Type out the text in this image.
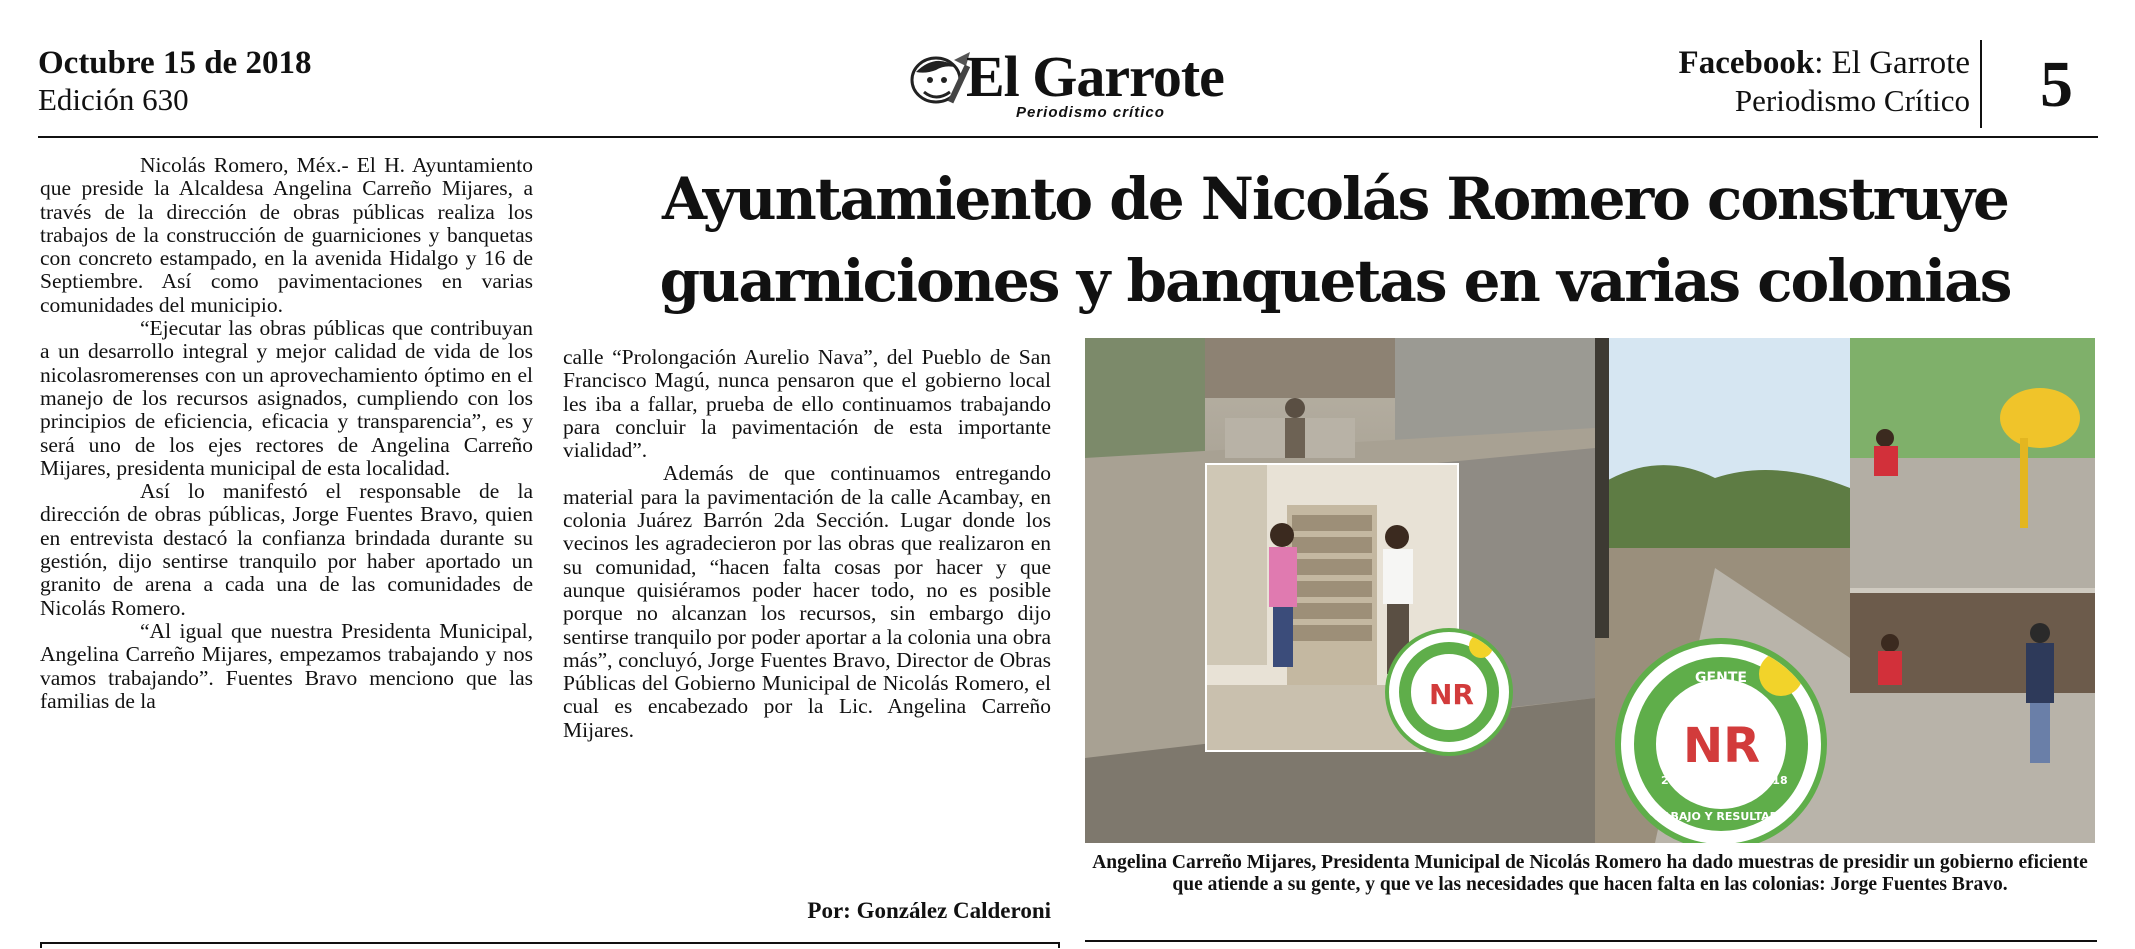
Octubre 15 de 2018
Edición 630	El Garrote
Periodismo crítico
Facebook: El Garrote
Periodismo Crítico 5
Ayuntamiento de Nicolás Romero construye
guarniciones y banquetas en varias colonias

Nicolás Romero, Méx.- El H. Ayuntamiento que preside la Alcaldesa Angelina Carreño Mijares, a través de la dirección de obras públicas realiza los trabajos de la construcción de guarniciones y banquetas con concreto estampado, en la avenida Hidalgo y 16 de Septiembre. Así como pavimentaciones en varias comunidades del municipio.

“Ejecutar las obras públicas que contribuyan a un desarrollo integral y mejor calidad de vida de los nicolasromerenses con un aprovechamiento óptimo en el manejo de los recursos asignados, cumpliendo con los principios de eficiencia, eficacia y transparencia”, es y será uno de los ejes rectores de Angelina Carreño Mijares, presidenta municipal de esta localidad.

Así lo manifestó el responsable de la dirección de obras públicas, Jorge Fuentes Bravo, quien en entrevista destacó la confianza brindada durante su gestión, dijo sentirse tranquilo por haber aportado un granito de arena a cada una de las comunidades de Nicolás Romero.

“Al igual que nuestra Presidenta Municipal, Angelina Carreño Mijares, empezamos trabajando y nos vamos trabajando”. Fuentes Bravo menciono que las familias de la

calle “Prolongación Aurelio Nava”, del Pueblo de San Francisco Magú, nunca pensaron que el gobierno local les iba a fallar, prueba de ello continuamos trabajando para concluir la pavimentación de esta importante vialidad”.

Además de que continuamos entregando material para la pavimentación de la calle Acambay, en colonia Juárez Barrón 2da Sección. Lugar donde los vecinos les agradecieron por las obras que realizaron en su comunidad, “hacen falta cosas por hacer y que aunque quisiéramos poder hacer todo, no es posible porque no alcanzan los recursos, sin embargo dijo sentirse tranquilo por poder aportar a la colonia una obra más”, concluyó, Jorge Fuentes Bravo, Director de Obras Públicas del Gobierno Municipal de Nicolás Romero, el cual es encabezado por la Lic. Angelina Carreño Mijares.

Por: González Calderoni
NR	GENTE
TRABAJO Y RESULTADOS
2016	2018
NR
Angelina Carreño Mijares, Presidenta Municipal de Nicolás Romero ha dado muestras de presidir un gobierno eficiente que atiende a su gente, y que ve las necesidades que hacen falta en las colonias: Jorge Fuentes Bravo.
